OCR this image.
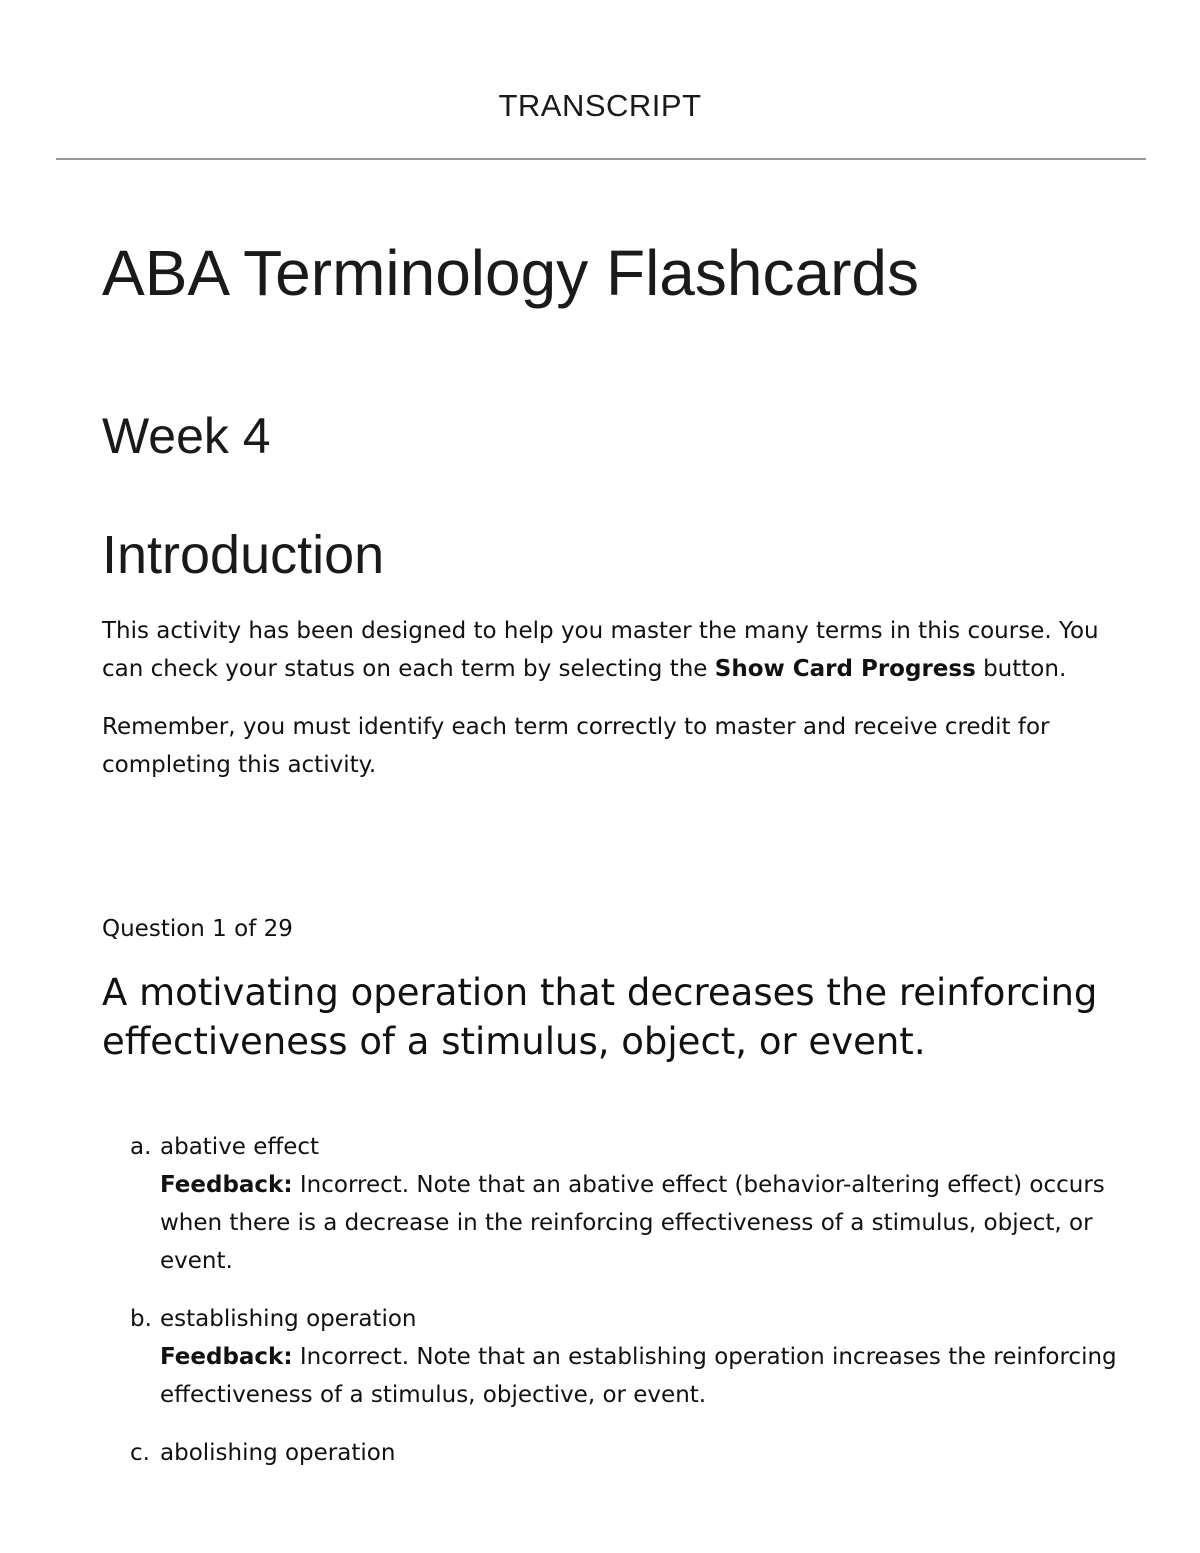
TRANSCRIPT
ABA Terminology Flashcards
Week 4
Introduction

This activity has been designed to help you master the many terms in this course. You can check your status on each term by selecting the Show Card Progress button.

Remember, you must identify each term correctly to master and receive credit for completing this activity.

Question 1 of 29
A motivating operation that decreases the reinforcing effectiveness of a stimulus, object, or event.
a. abative effect
Feedback: Incorrect. Note that an abative effect (behavior-altering effect) occurs when there is a decrease in the reinforcing effectiveness of a stimulus, object, or event.
b. establishing operation
Feedback: Incorrect. Note that an establishing operation increases the reinforcing effectiveness of a stimulus, objective, or event.
c. abolishing operation
